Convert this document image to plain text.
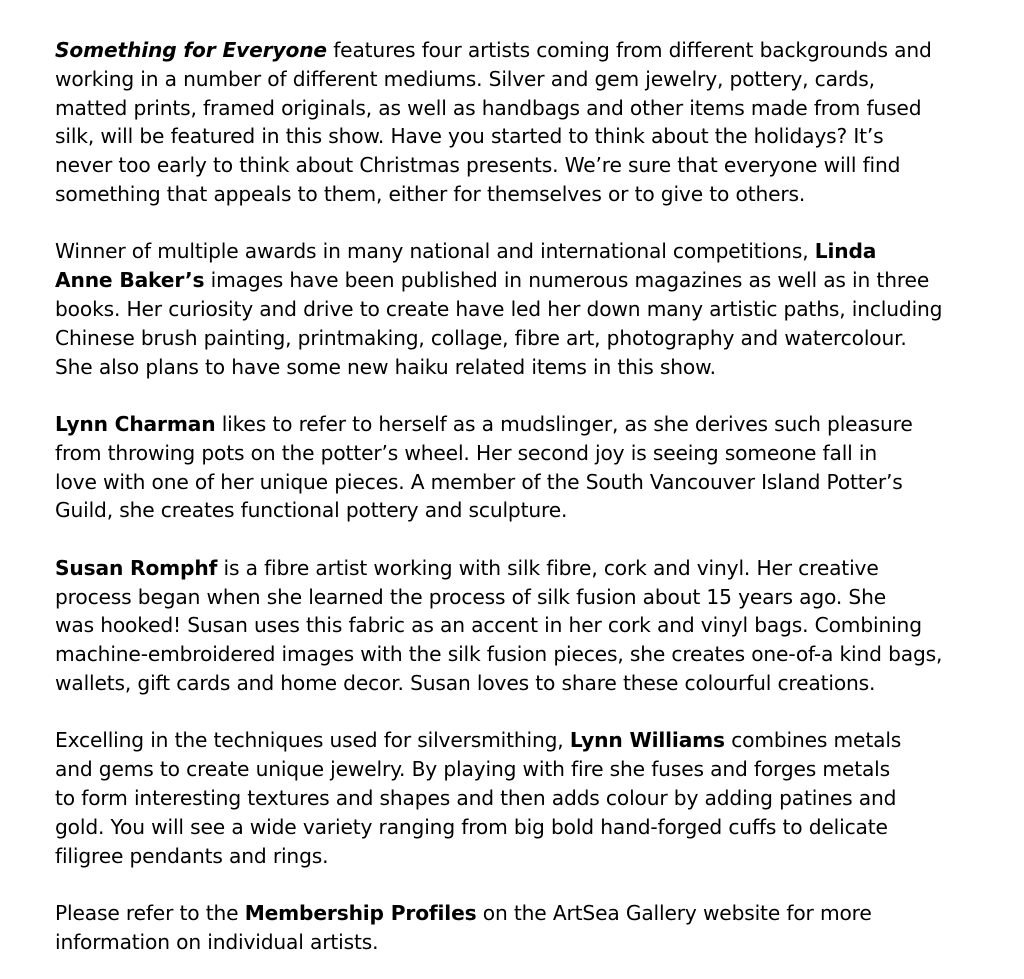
Something for Everyone features four artists coming from different backgrounds and
working in a number of different mediums. Silver and gem jewelry, pottery, cards,
matted prints, framed originals, as well as handbags and other items made from fused
silk, will be featured in this show. Have you started to think about the holidays? It’s
never too early to think about Christmas presents. We’re sure that everyone will find
something that appeals to them, either for themselves or to give to others.

Winner of multiple awards in many national and international competitions, Linda
Anne Baker’s images have been published in numerous magazines as well as in three
books. Her curiosity and drive to create have led her down many artistic paths, including
Chinese brush painting, printmaking, collage, fibre art, photography and watercolour.
She also plans to have some new haiku related items in this show.

Lynn Charman likes to refer to herself as a mudslinger, as she derives such pleasure
from throwing pots on the potter’s wheel. Her second joy is seeing someone fall in
love with one of her unique pieces. A member of the South Vancouver Island Potter’s
Guild, she creates functional pottery and sculpture.

Susan Romphf is a fibre artist working with silk fibre, cork and vinyl. Her creative
process began when she learned the process of silk fusion about 15 years ago. She
was hooked! Susan uses this fabric as an accent in her cork and vinyl bags. Combining
machine-embroidered images with the silk fusion pieces, she creates one-of-a kind bags,
wallets, gift cards and home decor. Susan loves to share these colourful creations.

Excelling in the techniques used for silversmithing, Lynn Williams combines metals
and gems to create unique jewelry. By playing with fire she fuses and forges metals
to form interesting textures and shapes and then adds colour by adding patines and
gold. You will see a wide variety ranging from big bold hand-forged cuffs to delicate
filigree pendants and rings.

Please refer to the Membership Profiles on the ArtSea Gallery website for more
information on individual artists.
